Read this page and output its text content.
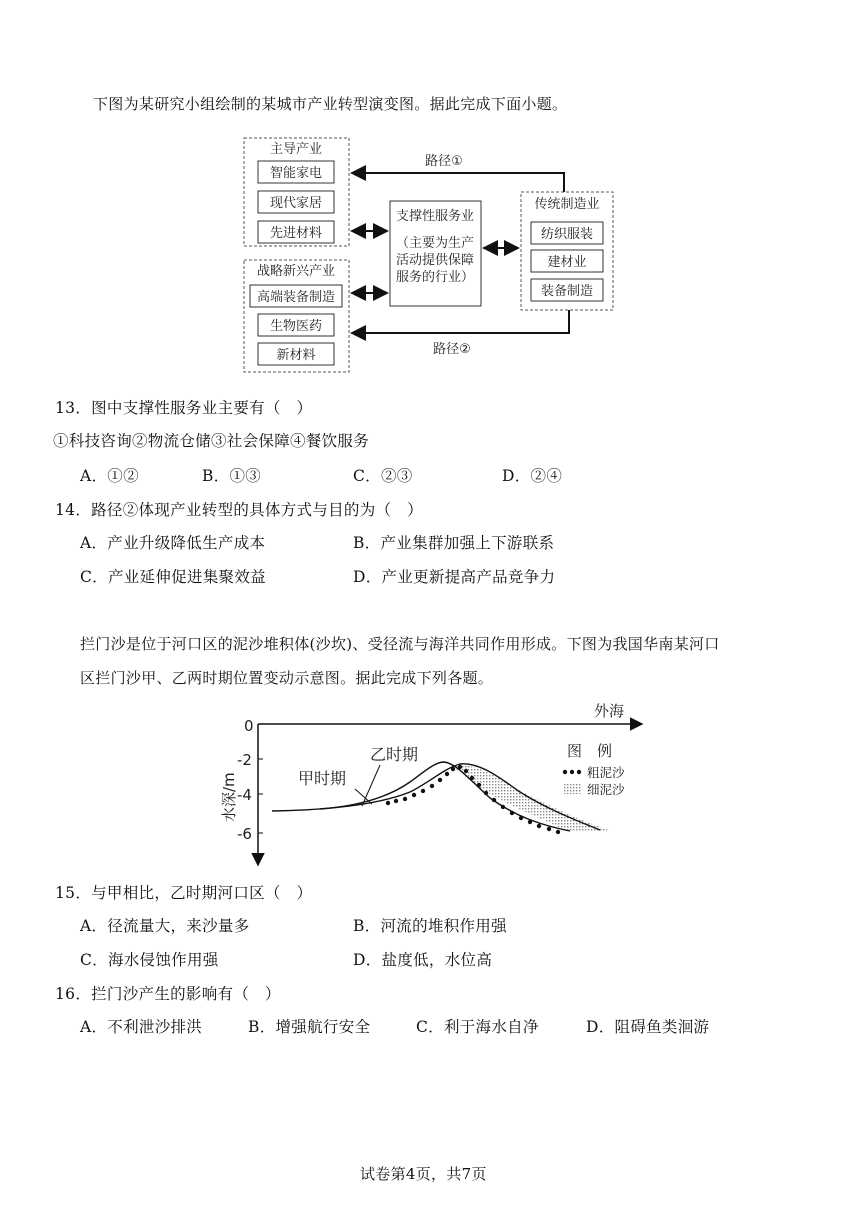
下图为某研究小组绘制的某城市产业转型演变图。据此完成下面小题。
主导产业
智能家电
现代家居
先进材料
战略新兴产业
高端装备制造
生物医药
新材料
支撑性服务业
（主要为生产
活动提供保障
服务的行业）
传统制造业
纺织服装
建材业
装备制造
路径①
路径②
13．图中支撑性服务业主要有（　）
①科技咨询②物流仓储③社会保障④餐饮服务
A．①②	B．①③	C．②③	D．②④
14．路径②体现产业转型的具体方式与目的为（　）
A．产业升级降低生产成本	B．产业集群加强上下游联系
C．产业延伸促进集聚效益	D．产业更新提高产品竞争力
拦门沙是位于河口区的泥沙堆积体(沙坎)、受径流与海洋共同作用形成。下图为我国华南某河口
区拦门沙甲、乙两时期位置变动示意图。据此完成下列各题。
外海
0
-2
-4
-6
水深/m
乙时期
甲时期
图　例
粗泥沙
细泥沙
15．与甲相比，乙时期河口区（　）
A．径流量大，来沙量多	B．河流的堆积作用强
C．海水侵蚀作用强	D．盐度低，水位高
16．拦门沙产生的影响有（　）
A．不利泄沙排洪	B．增强航行安全	C．利于海水自净	D．阻碍鱼类洄游
试卷第4页，共7页
